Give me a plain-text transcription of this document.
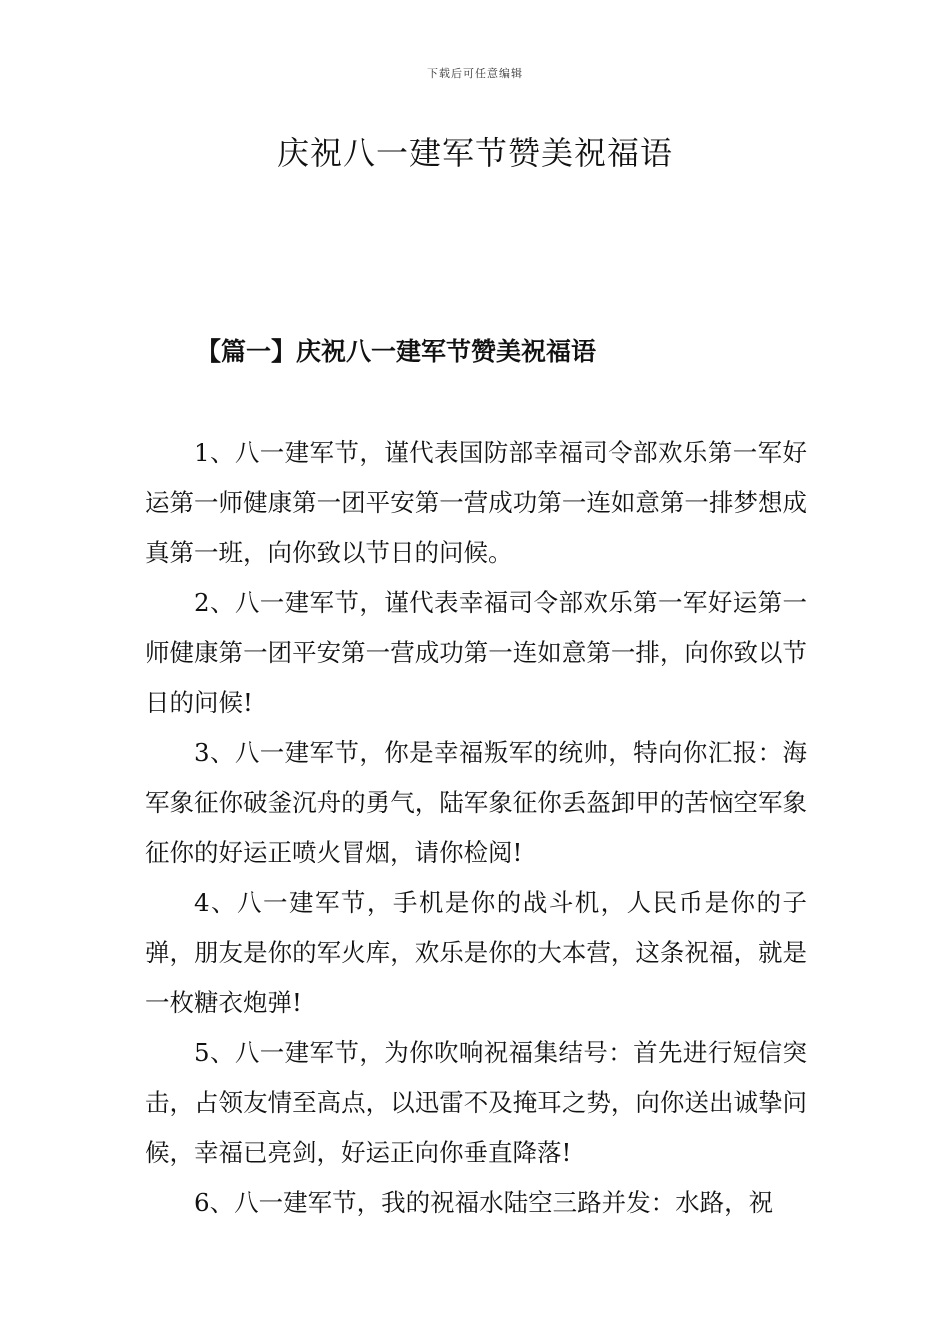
下载后可任意编辑
庆祝八一建军节赞美祝福语
【篇一】庆祝八一建军节赞美祝福语

1、八一建军节，谨代表国防部幸福司令部欢乐第一军好运第一师健康第一团平安第一营成功第一连如意第一排梦想成真第一班，向你致以节日的问候。

2、八一建军节，谨代表幸福司令部欢乐第一军好运第一师健康第一团平安第一营成功第一连如意第一排，向你致以节日的问候!

3、八一建军节，你是幸福叛军的统帅，特向你汇报：海军象征你破釜沉舟的勇气，陆军象征你丢盔卸甲的苦恼空军象征你的好运正喷火冒烟，请你检阅!

4、八一建军节，手机是你的战斗机，人民币是你的子弹，朋友是你的军火库，欢乐是你的大本营，这条祝福，就是一枚糖衣炮弹!

5、八一建军节，为你吹响祝福集结号：首先进行短信突击，占领友情至高点，以迅雷不及掩耳之势，向你送出诚挚问候，幸福已亮剑，好运正向你垂直降落!

6、八一建军节，我的祝福水陆空三路并发：水路，祝
